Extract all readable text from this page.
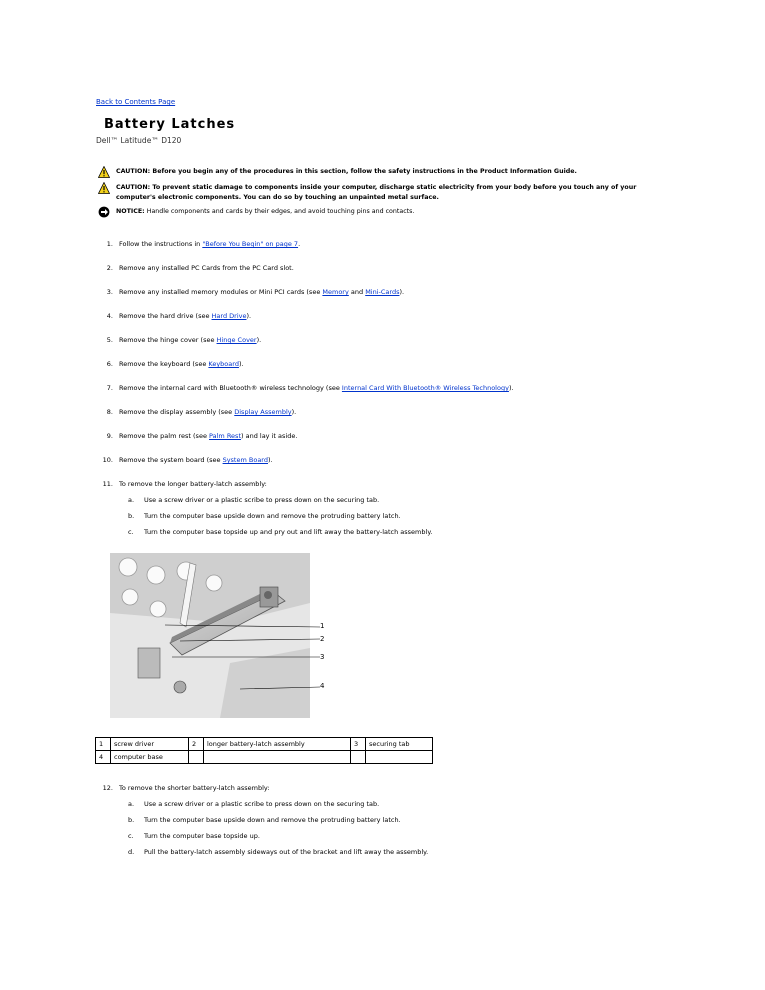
Back to Contents Page
Battery Latches
Dell™ Latitude™ D120
CAUTION: Before you begin any of the procedures in this section, follow the safety instructions in the Product Information Guide.
CAUTION: To prevent static damage to components inside your computer, discharge static electricity from your body before you touch any of your computer's electronic components. You can do so by touching an unpainted metal surface.
NOTICE: Handle components and cards by their edges, and avoid touching pins and contacts.
1. Follow the instructions in "Before You Begin" on page 7.
2. Remove any installed PC Cards from the PC Card slot.
3. Remove any installed memory modules or Mini PCI cards (see Memory and Mini-Cards).
4. Remove the hard drive (see Hard Drive).
5. Remove the hinge cover (see Hinge Cover).
6. Remove the keyboard (see Keyboard).
7. Remove the internal card with Bluetooth® wireless technology (see Internal Card With Bluetooth® Wireless Technology).
8. Remove the display assembly (see Display Assembly).
9. Remove the palm rest (see Palm Rest) and lay it aside.
10. Remove the system board (see System Board).
11. To remove the longer battery-latch assembly:
a.	Use a screw driver or a plastic scribe to press down on the securing tab.
b.	Turn the computer base upside down and remove the protruding battery latch.
c.	Turn the computer base topside up and pry out and lift away the battery-latch assembly.
1
2
3
4
1	screw driver	2	longer battery-latch assembly	3	securing tab
4	computer base				
12. To remove the shorter battery-latch assembly:
a.	Use a screw driver or a plastic scribe to press down on the securing tab.
b.	Turn the computer base upside down and remove the protruding battery latch.
c.	Turn the computer base topside up.
d.	Pull the battery-latch assembly sideways out of the bracket and lift away the assembly.
